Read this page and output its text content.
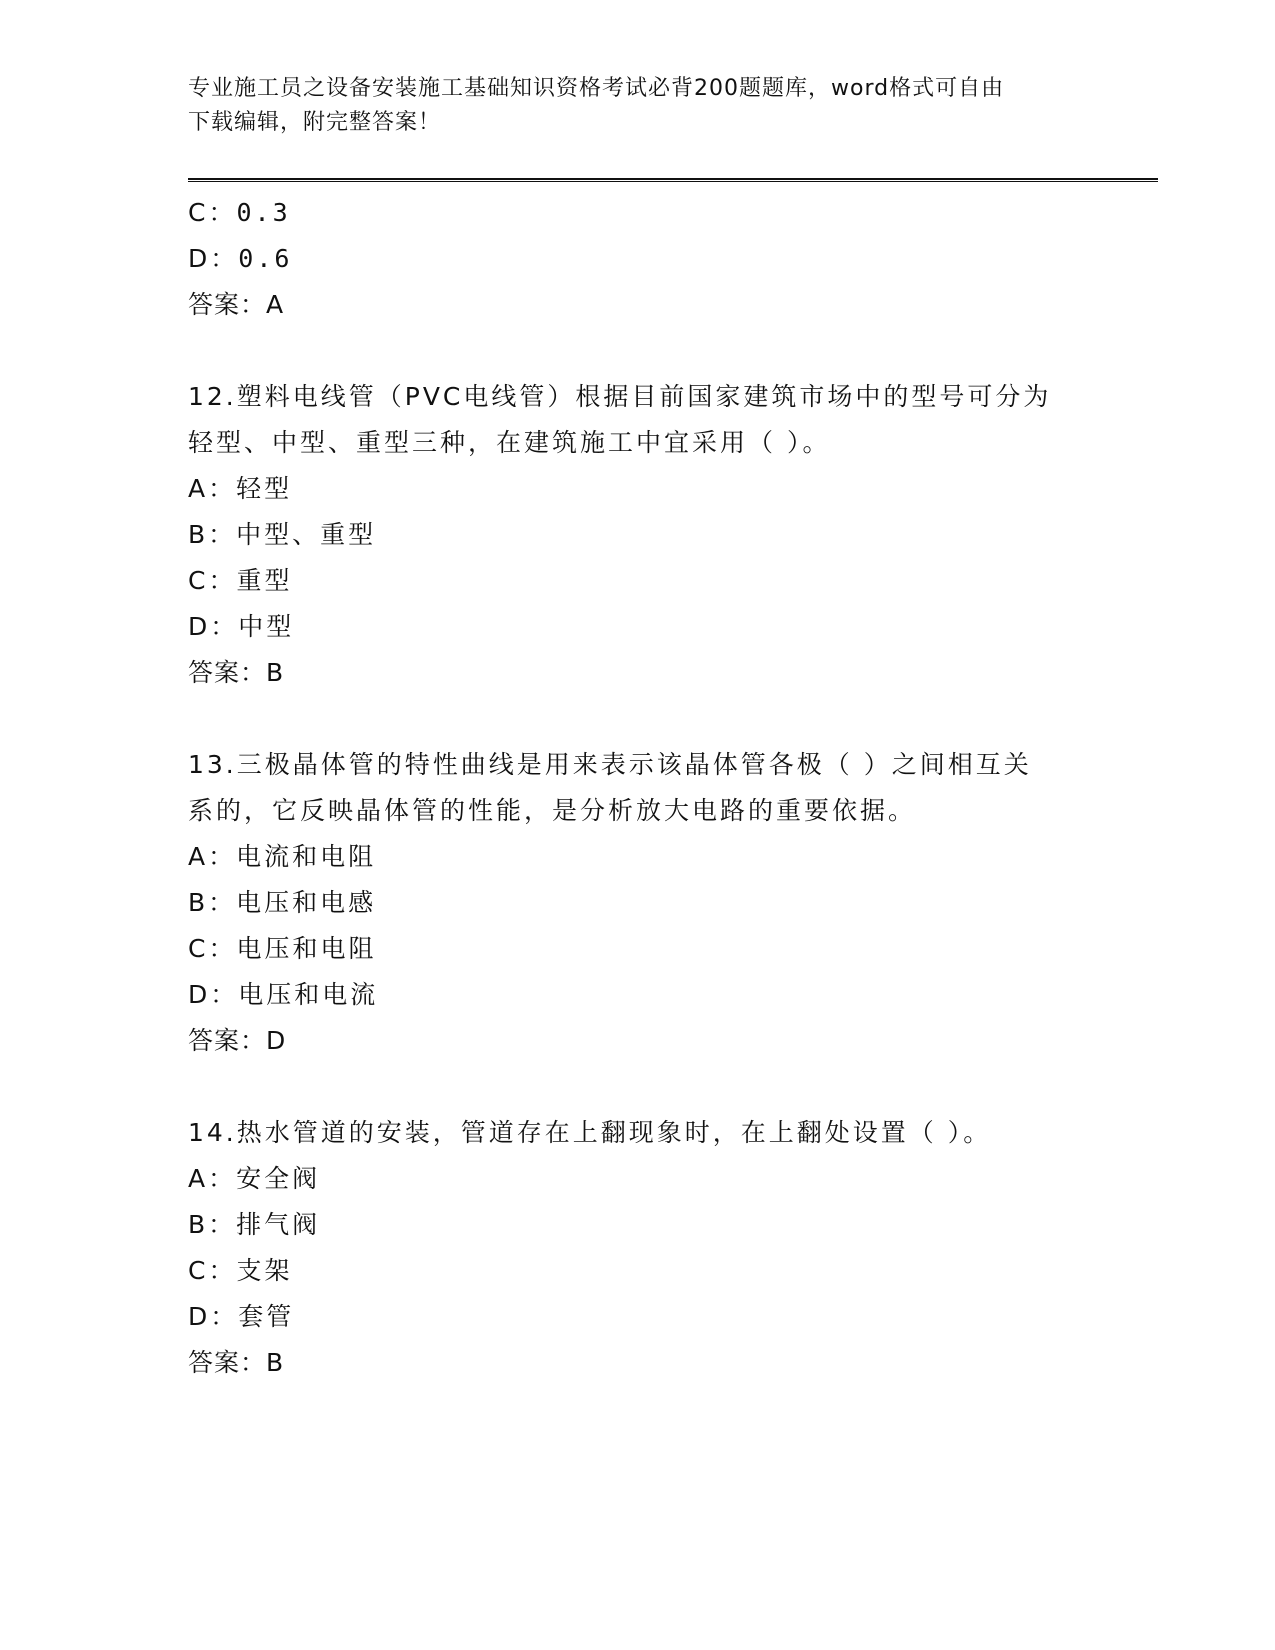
专业施工员之设备安装施工基础知识资格考试必背200题题库，word格式可自由
下载编辑，附完整答案！
C：0.3
D：0.6
答案：A
12.塑料电线管（PVC电线管）根据目前国家建筑市场中的型号可分为
轻型、中型、重型三种，在建筑施工中宜采用（ ）。
A：轻型
B：中型、重型
C：重型
D：中型
答案：B
13.三极晶体管的特性曲线是用来表示该晶体管各极（ ）之间相互关
系的，它反映晶体管的性能，是分析放大电路的重要依据。
A：电流和电阻
B：电压和电感
C：电压和电阻
D：电压和电流
答案：D
14.热水管道的安装，管道存在上翻现象时，在上翻处设置（ ）。
A：安全阀
B：排气阀
C：支架
D：套管
答案：B
